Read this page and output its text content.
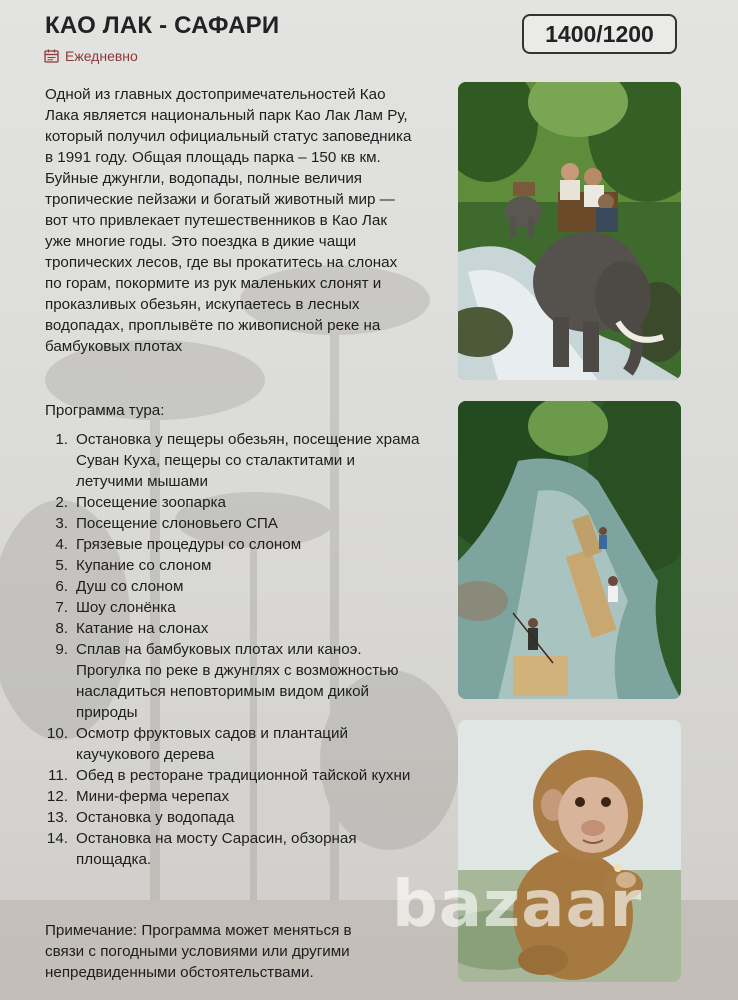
КАО ЛАК - САФАРИ	1400/1200
Ежедневно

Одной из главных достопримечательностей Као Лака является национальный парк Као Лак Лам Ру, который получил официальный статус заповедника в 1991 году. Общая площадь парка – 150 кв км. Буйные джунгли, водопады, полные величия тропические пейзажи и богатый животный мир — вот что привлекает путешественников в Као Лак уже многие годы. Это поездка в дикие чащи тропических лесов, где вы прокатитесь на слонах по горам, покормите из рук маленьких слонят и проказливых обезьян, искупаетесь в лесных водопадах, проплывёте по живописной реке на бамбуковых плотах

Программа тура:
1. Остановка у пещеры обезьян, посещение храма Суван Куха, пещеры со сталактитами и летучими мышами
2. Посещение зоопарка
3. Посещение слоновьего СПА
4. Грязевые процедуры со слоном
5. Купание со слоном
6. Душ со слоном
7. Шоу слонёнка
8. Катание на слонах
9. Сплав на бамбуковых плотах или каноэ. Прогулка по реке в джунглях с возможностью насладиться неповторимым видом дикой природы
10. Осмотр фруктовых садов и плантаций каучукового дерева
11. Обед в ресторане традиционной тайской кухни
12. Мини-ферма черепах
13. Остановка у водопада
14. Остановка на мосту Сарасин, обзорная площадка.

Примечание: Программа может меняться в связи с погодными условиями или другими непредвиденными обстоятельствами.

bazaar
